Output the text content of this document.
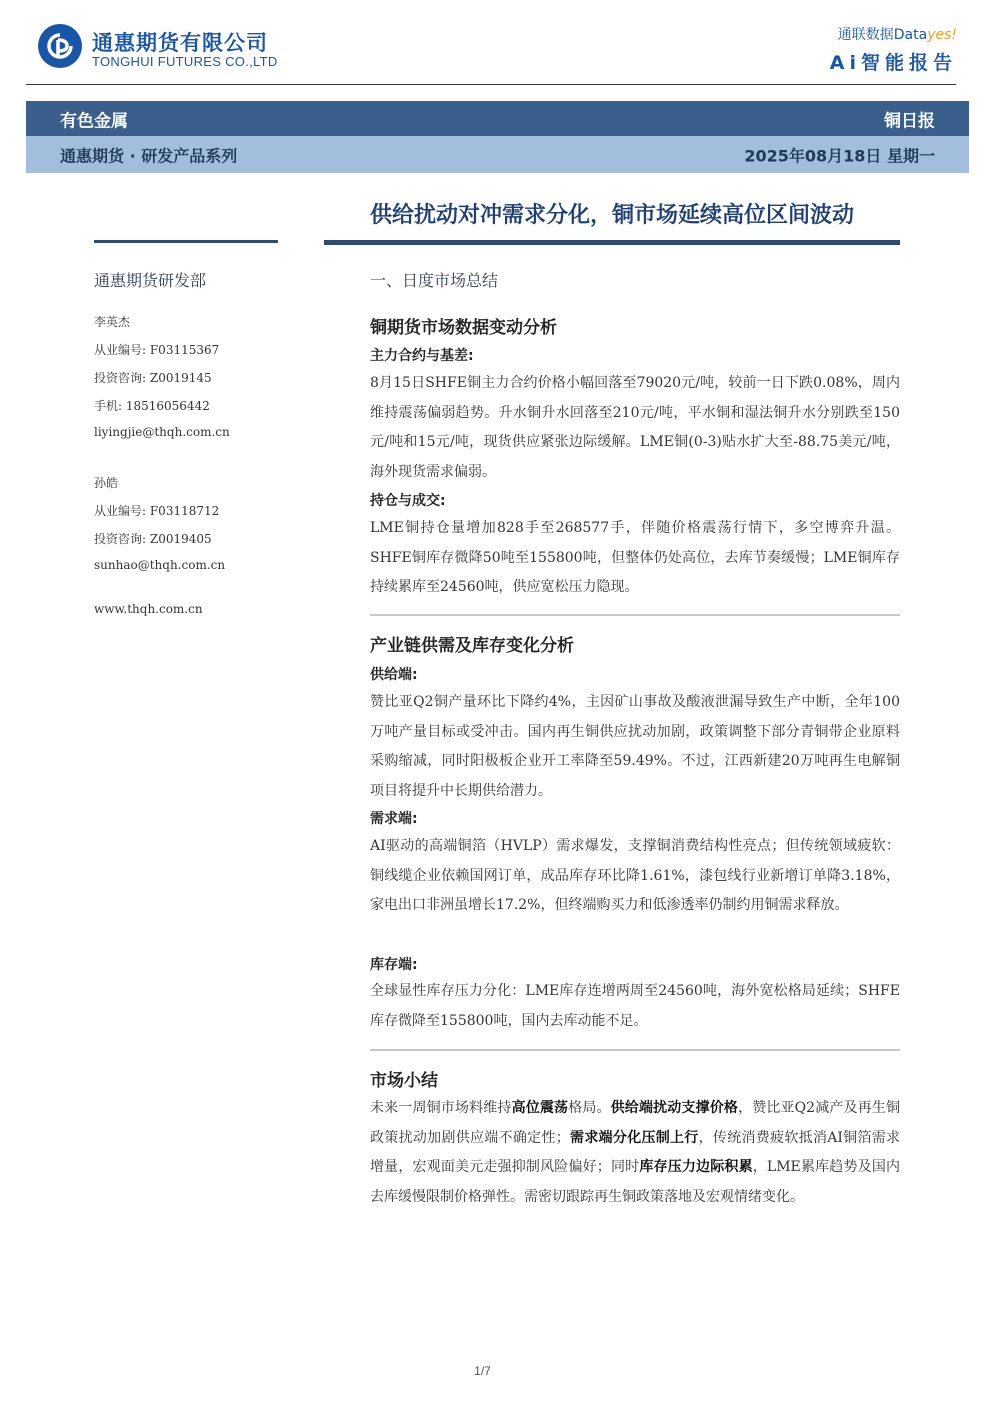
通惠期货有限公司
TONGHUI FUTURES CO.,LTD
通联数据Datayes!
Ai智能报告
有色金属	铜日报
通惠期货 · 研发产品系列	2025年08月18日 星期一
供给扰动对冲需求分化，铜市场延续高位区间波动
通惠期货研发部
李英杰
从业编号: F03115367
投资咨询: Z0019145
手机: 18516056442
liyingjie@thqh.com.cn
孙皓
从业编号: F03118712
投资咨询: Z0019405
sunhao@thqh.com.cn
www.thqh.com.cn
一、日度市场总结
铜期货市场数据变动分析
主力合约与基差:
8月15日SHFE铜主力合约价格小幅回落至79020元/吨，较前一日下跌0.08%，周内维持震荡偏弱趋势。升水铜升水回落至210元/吨，平水铜和湿法铜升水分别跌至150元/吨和15元/吨，现货供应紧张边际缓解。LME铜(0-3)贴水扩大至-88.75美元/吨，海外现货需求偏弱。
持仓与成交:
LME铜持仓量增加828手至268577手，伴随价格震荡行情下，多空博弈升温。SHFE铜库存微降50吨至155800吨，但整体仍处高位，去库节奏缓慢；LME铜库存持续累库至24560吨，供应宽松压力隐现。
产业链供需及库存变化分析
供给端:
赞比亚Q2铜产量环比下降约4%，主因矿山事故及酸液泄漏导致生产中断，全年100万吨产量目标或受冲击。国内再生铜供应扰动加剧，政策调整下部分青铜带企业原料采购缩减，同时阳极板企业开工率降至59.49%。不过，江西新建20万吨再生电解铜项目将提升中长期供给潜力。
需求端:
AI驱动的高端铜箔（HVLP）需求爆发，支撑铜消费结构性亮点；但传统领域疲软：铜线缆企业依赖国网订单，成品库存环比降1.61%，漆包线行业新增订单降3.18%，家电出口非洲虽增长17.2%，但终端购买力和低渗透率仍制约用铜需求释放。
库存端:
全球显性库存压力分化：LME库存连增两周至24560吨，海外宽松格局延续；SHFE库存微降至155800吨，国内去库动能不足。
市场小结
未来一周铜市场料维持高位震荡格局。供给端扰动支撑价格，赞比亚Q2减产及再生铜政策扰动加剧供应端不确定性；需求端分化压制上行，传统消费疲软抵消AI铜箔需求增量，宏观面美元走强抑制风险偏好；同时库存压力边际积累，LME累库趋势及国内去库缓慢限制价格弹性。需密切跟踪再生铜政策落地及宏观情绪变化。
1/7
